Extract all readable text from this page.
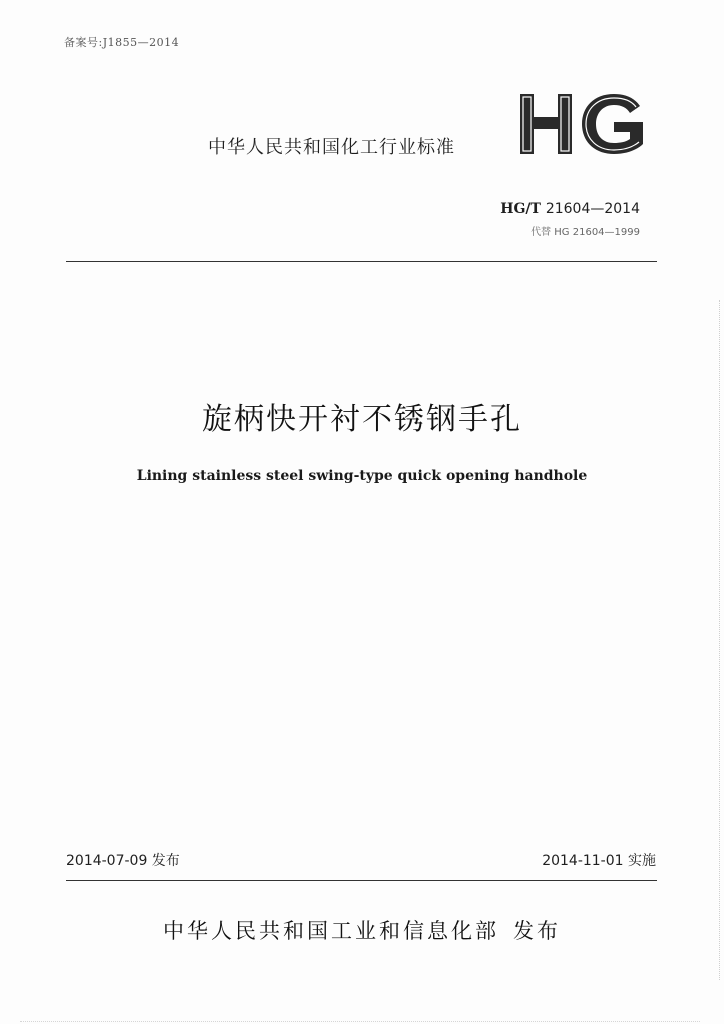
备案号:J1855—2014
中华人民共和国化工行业标准
HG/T 21604—2014
代替 HG 21604—1999
旋柄快开衬不锈钢手孔
Lining stainless steel swing-type quick opening handhole
2014-07-09 发布	2014-11-01 实施
中华人民共和国工业和信息化部 发布
